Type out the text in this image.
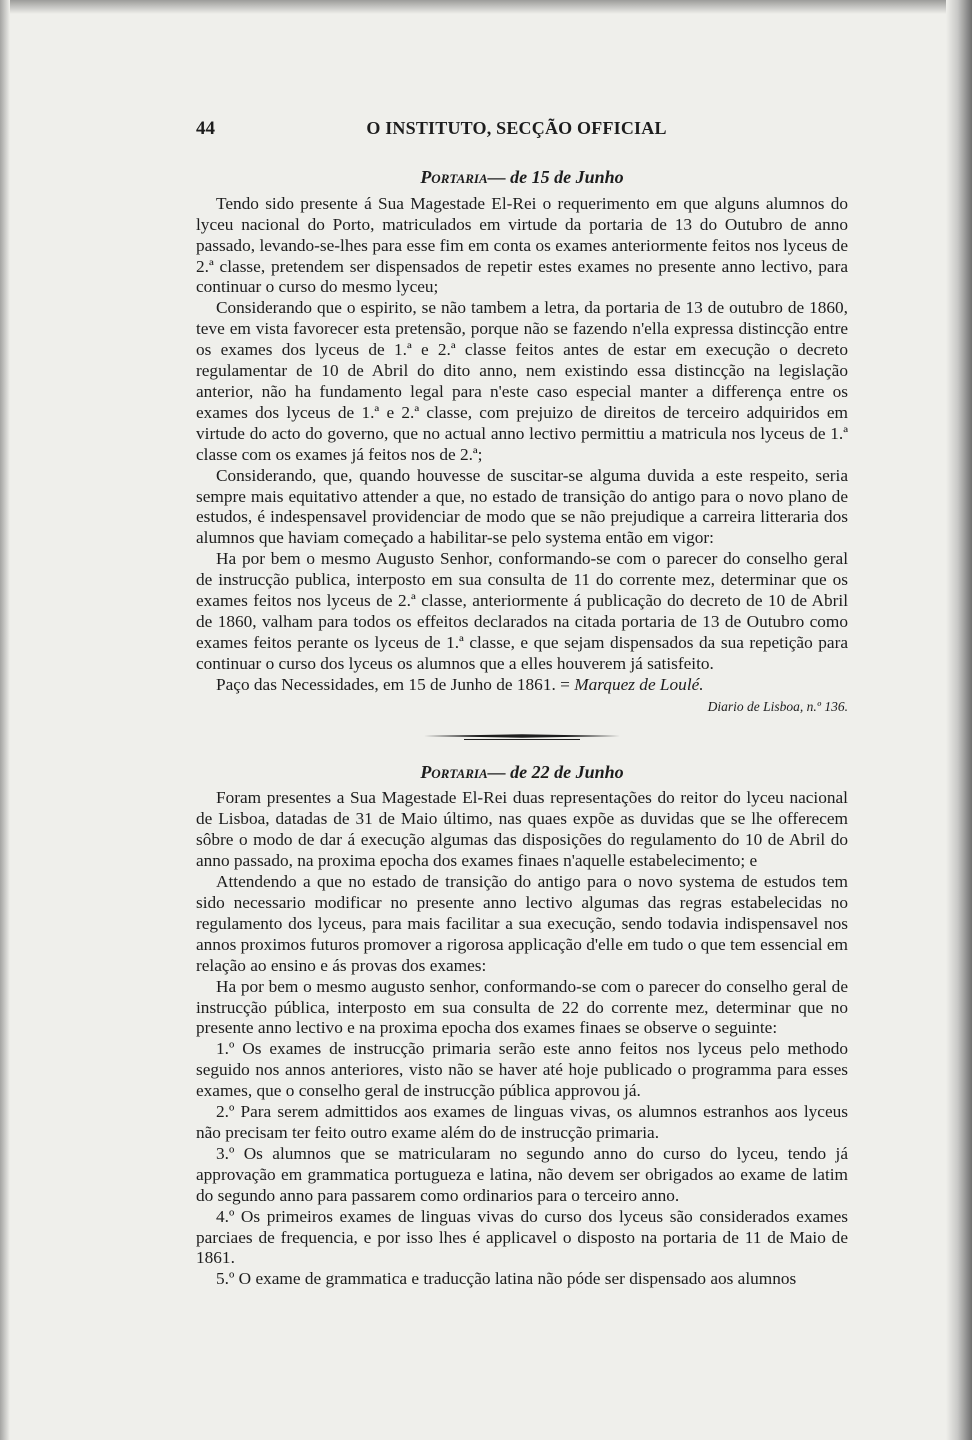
44	O INSTITUTO, SECÇÃO OFFICIAL
Portaria— de 15 de Junho

Tendo sido presente á Sua Magestade El-Rei o requerimento em que alguns alumnos do lyceu nacional do Porto, matriculados em virtude da portaria de 13 do Outubro de anno passado, levando-se-lhes para esse fim em conta os exames anteriormente feitos nos lyceus de 2.ª classe, pretendem ser dispensados de repetir estes exames no presente anno lectivo, para continuar o curso do mesmo lyceu;

Considerando que o espirito, se não tambem a letra, da portaria de 13 de outubro de 1860, teve em vista favorecer esta pretensão, porque não se fazendo n'ella expressa distincção entre os exames dos lyceus de 1.ª e 2.ª classe feitos antes de estar em execução o decreto regulamentar de 10 de Abril do dito anno, nem existindo essa distincção na legislação anterior, não ha fundamento legal para n'este caso especial manter a differença entre os exames dos lyceus de 1.ª e 2.ª classe, com prejuizo de direitos de terceiro adquiridos em virtude do acto do governo, que no actual anno lectivo permittiu a matricula nos lyceus de 1.ª classe com os exames já feitos nos de 2.ª;

Considerando, que, quando houvesse de suscitar-se alguma duvida a este respeito, seria sempre mais equitativo attender a que, no estado de transição do antigo para o novo plano de estudos, é indespensavel providenciar de modo que se não prejudique a carreira litteraria dos alumnos que haviam começado a habilitar-se pelo systema então em vigor:

Ha por bem o mesmo Augusto Senhor, conformando-se com o parecer do conselho geral de instrucção publica, interposto em sua consulta de 11 do corrente mez, determinar que os exames feitos nos lyceus de 2.ª classe, anteriormente á publicação do decreto de 10 de Abril de 1860, valham para todos os effeitos declarados na citada portaria de 13 de Outubro como exames feitos perante os lyceus de 1.ª classe, e que sejam dispensados da sua repetição para continuar o curso dos lyceus os alumnos que a elles houverem já satisfeito.

Paço das Necessidades, em 15 de Junho de 1861. = Marquez de Loulé.

Diario de Lisboa, n.º 136.
Portaria— de 22 de Junho

Foram presentes a Sua Magestade El-Rei duas representações do reitor do lyceu nacional de Lisboa, datadas de 31 de Maio último, nas quaes expõe as duvidas que se lhe offerecem sôbre o modo de dar á execução algumas das disposições do regulamento do 10 de Abril do anno passado, na proxima epocha dos exames finaes n'aquelle estabelecimento; e

Attendendo a que no estado de transição do antigo para o novo systema de estudos tem sido necessario modificar no presente anno lectivo algumas das regras estabelecidas no regulamento dos lyceus, para mais facilitar a sua execução, sendo todavia indispensavel nos annos proximos futuros promover a rigorosa applicação d'elle em tudo o que tem essencial em relação ao ensino e ás provas dos exames:

Ha por bem o mesmo augusto senhor, conformando-se com o parecer do conselho geral de instrucção pública, interposto em sua consulta de 22 do corrente mez, determinar que no presente anno lectivo e na proxima epocha dos exames finaes se observe o seguinte:

1.º Os exames de instrucção primaria serão este anno feitos nos lyceus pelo methodo seguido nos annos anteriores, visto não se haver até hoje publicado o programma para esses exames, que o conselho geral de instrucção pública approvou já.

2.º Para serem admittidos aos exames de linguas vivas, os alumnos estranhos aos lyceus não precisam ter feito outro exame além do de instrucção primaria.

3.º Os alumnos que se matricularam no segundo anno do curso do lyceu, tendo já approvação em grammatica portugueza e latina, não devem ser obrigados ao exame de latim do segundo anno para passarem como ordinarios para o terceiro anno.

4.º Os primeiros exames de linguas vivas do curso dos lyceus são considerados exames parciaes de frequencia, e por isso lhes é applicavel o disposto na portaria de 11 de Maio de 1861.

5.º O exame de grammatica e traducção latina não póde ser dispensado aos alumnos
